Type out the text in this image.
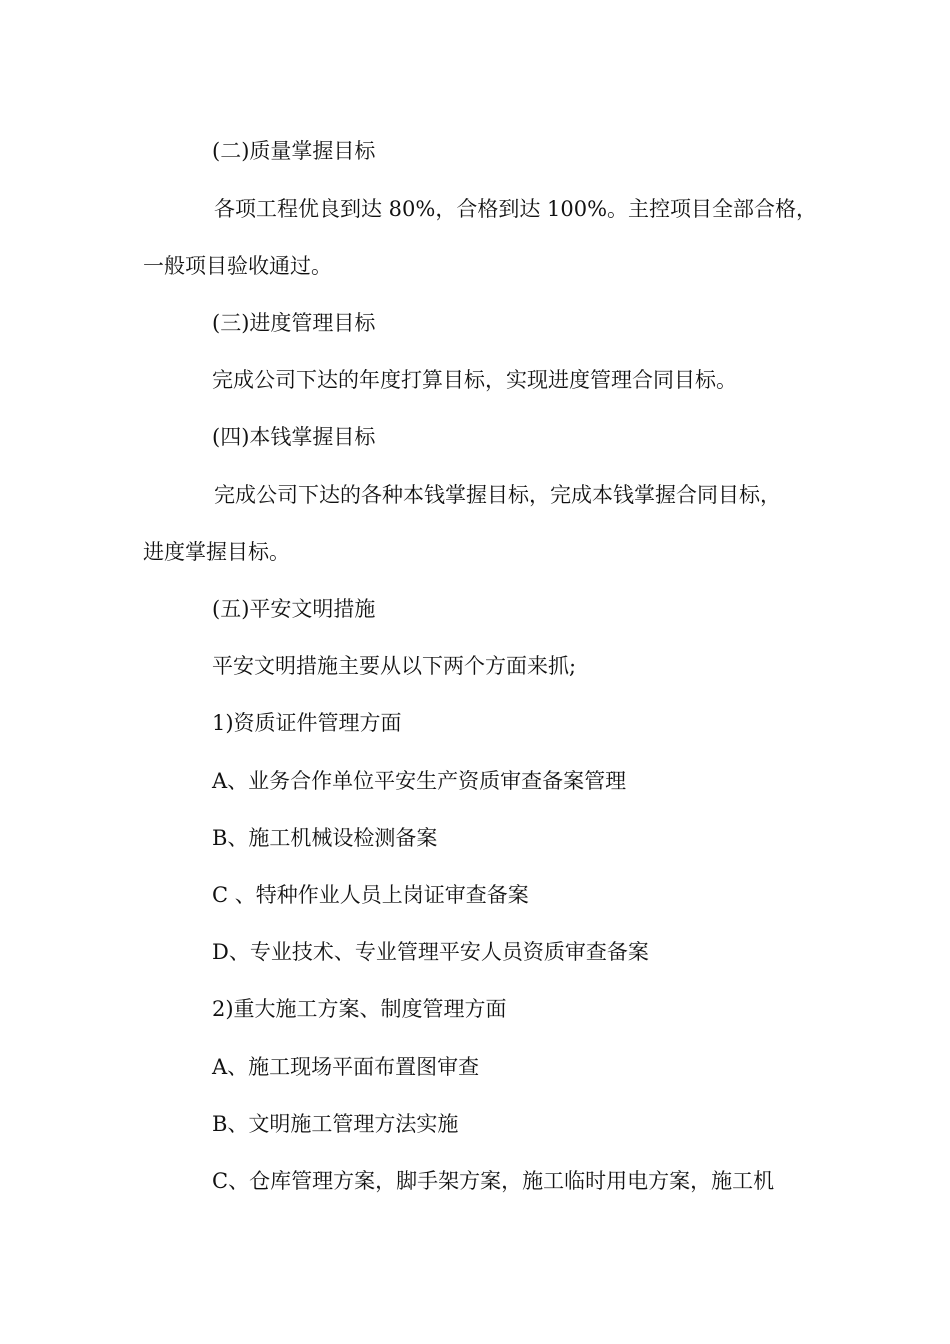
(二)质量掌握目标
各项工程优良到达 80%，合格到达 100%。主控项目全部合格，
一般项目验收通过。
(三)进度管理目标
完成公司下达的年度打算目标，实现进度管理合同目标。
(四)本钱掌握目标
完成公司下达的各种本钱掌握目标，完成本钱掌握合同目标，
进度掌握目标。
(五)平安文明措施
平安文明措施主要从以下两个方面来抓;
1)资质证件管理方面
A、业务合作单位平安生产资质审查备案管理
B、施工机械设检测备案
C 、特种作业人员上岗证审查备案
D、专业技术、专业管理平安人员资质审查备案
2)重大施工方案、制度管理方面
A、施工现场平面布置图审查
B、文明施工管理方法实施
C、仓库管理方案，脚手架方案，施工临时用电方案，施工机
